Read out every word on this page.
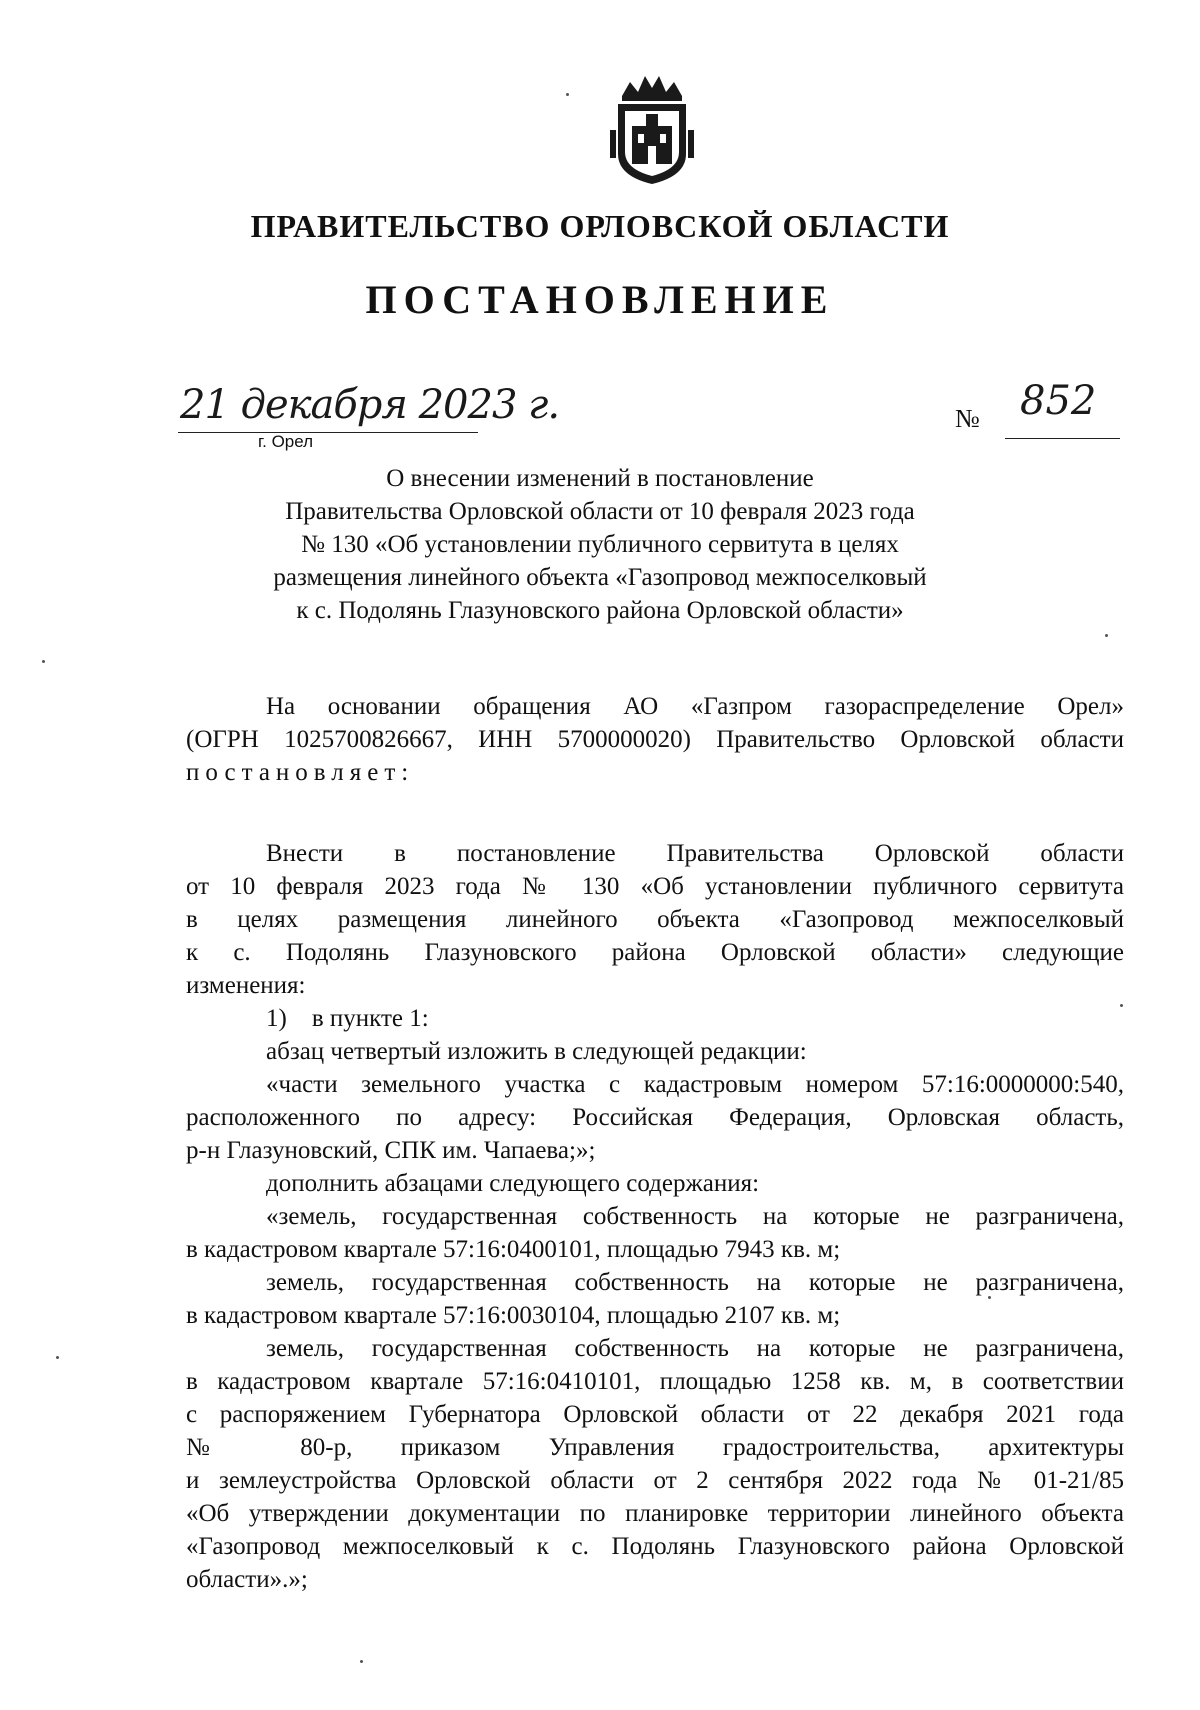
ПРАВИТЕЛЬСТВО ОРЛОВСКОЙ ОБЛАСТИ
ПОСТАНОВЛЕНИЕ
21 декабря 2023 г.
г. Орел
№ 852
О внесении изменений в постановление
Правительства Орловской области от 10 февраля 2023 года
№ 130 «Об установлении публичного сервитута в целях
размещения линейного объекта «Газопровод межпоселковый
к с. Подолянь Глазуновского района Орловской области»

На основании обращения АО «Газпром газораспределение Орел»

(ОГРН 1025700826667, ИНН 5700000020) Правительство Орловской области

постановляет:

Внести в постановление Правительства Орловской области

от 10 февраля 2023 года № 130 «Об установлении публичного сервитута

в целях размещения линейного объекта «Газопровод межпоселковый

к с. Подолянь Глазуновского района Орловской области» следующие

изменения:

1)    в пункте 1:

абзац четвертый изложить в следующей редакции:

«части земельного участка с кадастровым номером 57:16:0000000:540,

расположенного по адресу: Российская Федерация, Орловская область,

р-н Глазуновский, СПК им. Чапаева;»;

дополнить абзацами следующего содержания:

«земель, государственная собственность на которые не разграничена,

в кадастровом квартале 57:16:0400101, площадью 7943 кв. м;

земель, государственная собственность на которые не разграничена,

в кадастровом квартале 57:16:0030104, площадью 2107 кв. м;

земель, государственная собственность на которые не разграничена,

в кадастровом квартале 57:16:0410101, площадью 1258 кв. м, в соответствии

с распоряжением Губернатора Орловской области от 22 декабря 2021 года

№ 80-р, приказом Управления градостроительства, архитектуры

и землеустройства Орловской области от 2 сентября 2022 года № 01-21/85

«Об утверждении документации по планировке территории линейного объекта

«Газопровод межпоселковый к с. Подолянь Глазуновского района Орловской

области».»;
